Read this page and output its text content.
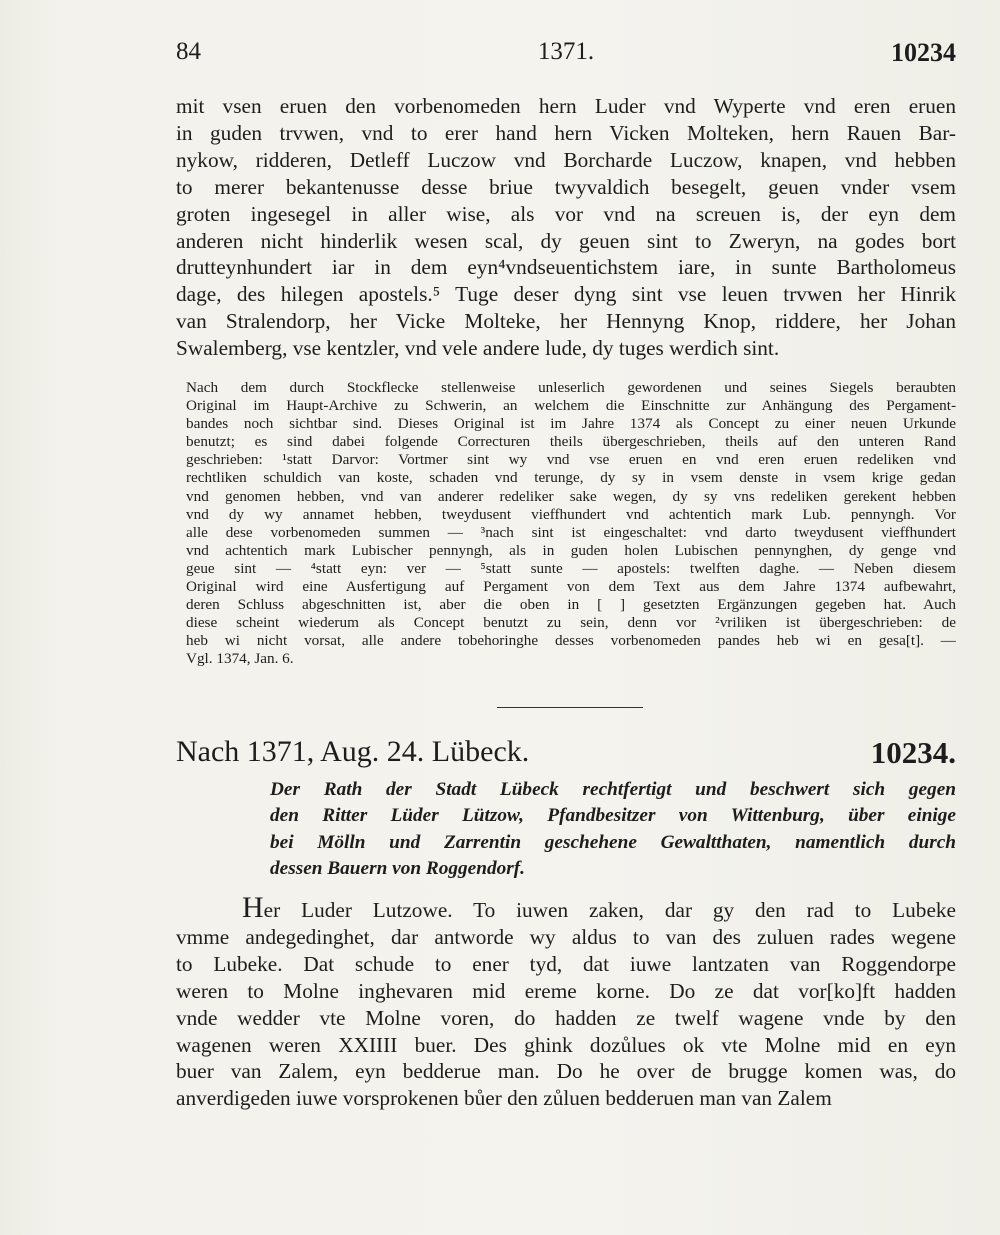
84	1371.	10234

mit vsen eruen den vorbenomeden hern Luder vnd Wyperte vnd eren eruen

in guden trvwen, vnd to erer hand hern Vicken Molteken, hern Rauen Bar-

nykow, ridderen, Detleff Luczow vnd Borcharde Luczow, knapen, vnd hebben

to merer bekantenusse desse briue twyvaldich besegelt, geuen vnder vsem

groten ingesegel in aller wise, als vor vnd na screuen is, der eyn dem

anderen nicht hinderlik wesen scal, dy geuen sint to Zweryn, na godes bort

drutteynhundert iar in dem eyn⁴vndseuentichstem iare, in sunte Bartholomeus

dage, des hilegen apostels.⁵ Tuge deser dyng sint vse leuen trvwen her Hinrik

van Stralendorp, her Vicke Molteke, her Hennyng Knop, riddere, her Johan

Swalemberg, vse kentzler, vnd vele andere lude, dy tuges werdich sint.

Nach dem durch Stockflecke stellenweise unleserlich gewordenen und seines Siegels beraubten
Original im Haupt-Archive zu Schwerin, an welchem die Einschnitte zur Anhängung des Pergament-
bandes noch sichtbar sind. Dieses Original ist im Jahre 1374 als Concept zu einer neuen Urkunde
benutzt; es sind dabei folgende Correcturen theils übergeschrieben, theils auf den unteren Rand
geschrieben: ¹statt Darvor: Vortmer sint wy vnd vse eruen en vnd eren eruen redeliken vnd
rechtliken schuldich van koste, schaden vnd terunge, dy sy in vsem denste in vsem krige gedan
vnd genomen hebben, vnd van anderer redeliker sake wegen, dy sy vns redeliken gerekent hebben
vnd dy wy annamet hebben, tweydusent vieffhundert vnd achtentich mark Lub. pennyngh. Vor
alle dese vorbenomeden summen — ³nach sint ist eingeschaltet: vnd darto tweydusent vieffhundert
vnd achtentich mark Lubischer pennyngh, als in guden holen Lubischen pennynghen, dy genge vnd
geue sint — ⁴statt eyn: ver — ⁵statt sunte — apostels: twelften daghe. — Neben diesem
Original wird eine Ausfertigung auf Pergament von dem Text aus dem Jahre 1374 aufbewahrt,
deren Schluss abgeschnitten ist, aber die oben in [ ] gesetzten Ergänzungen gegeben hat. Auch
diese scheint wiederum als Concept benutzt zu sein, denn vor ²vriliken ist übergeschrieben: de
heb wi nicht vorsat, alle andere tobehoringhe desses vorbenomeden pandes heb wi en gesa[t]. —
Vgl. 1374, Jan. 6.
Nach 1371, Aug. 24. Lübeck.	10234.
Der Rath der Stadt Lübeck rechtfertigt und beschwert sich gegen
den Ritter Lüder Lützow, Pfandbesitzer von Wittenburg, über einige
bei Mölln und Zarrentin geschehene Gewaltthaten, namentlich durch
dessen Bauern von Roggendorf.

Her Luder Lutzowe. To iuwen zaken, dar gy den rad to Lubeke

vmme andegedinghet, dar antworde wy aldus to van des zuluen rades wegene

to Lubeke. Dat schude to ener tyd, dat iuwe lantzaten van Roggendorpe

weren to Molne inghevaren mid ereme korne. Do ze dat vor[ko]ft hadden

vnde wedder vte Molne voren, do hadden ze twelf wagene vnde by den

wagenen weren XXIIII buer. Des ghink dozůlues ok vte Molne mid en eyn

buer van Zalem, eyn bedderue man. Do he over de brugge komen was, do

anverdigeden iuwe vorsprokenen bůer den zůluen bedderuen man van Zalem
